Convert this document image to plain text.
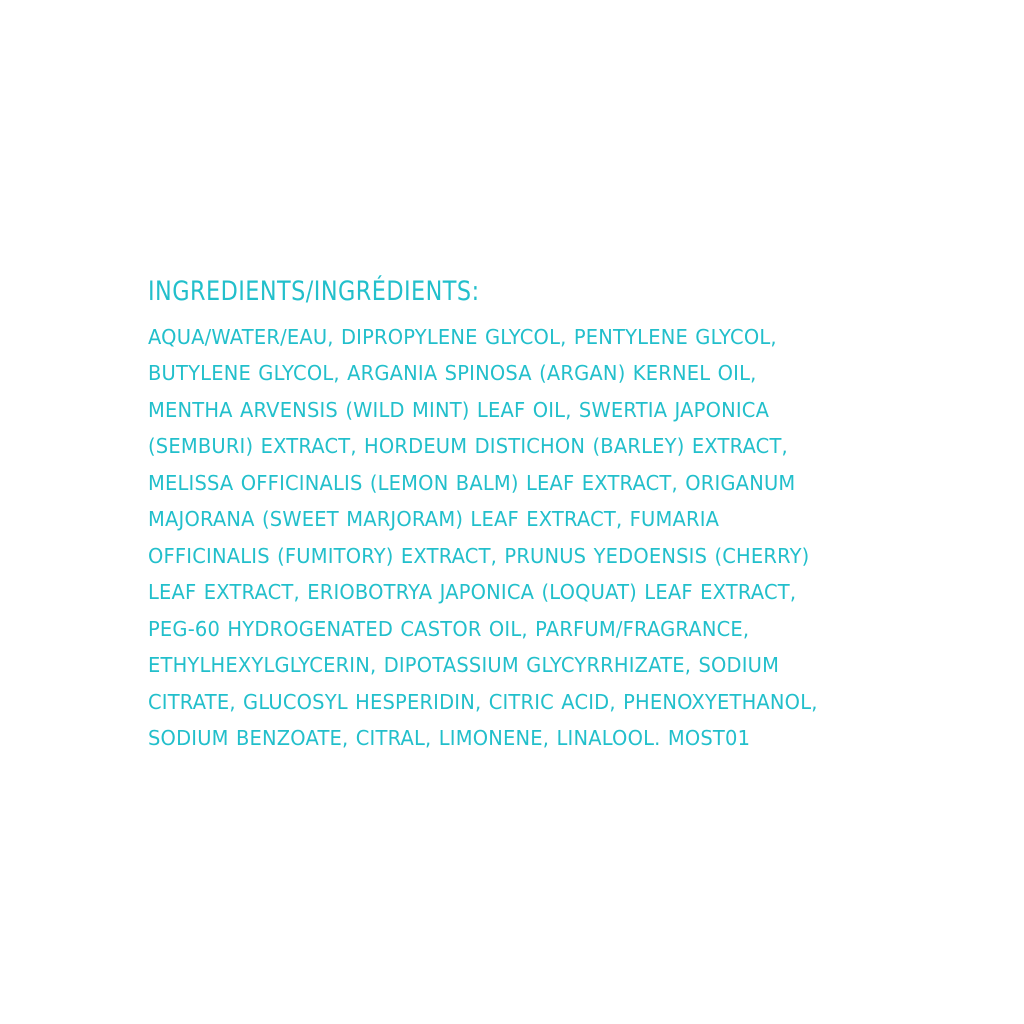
INGREDIENTS/INGRÉDIENTS:

AQUA/WATER/EAU, DIPROPYLENE GLYCOL, PENTYLENE GLYCOL, BUTYLENE GLYCOL, ARGANIA SPINOSA (ARGAN) KERNEL OIL, MENTHA ARVENSIS (WILD MINT) LEAF OIL, SWERTIA JAPONICA (SEMBURI) EXTRACT, HORDEUM DISTICHON (BARLEY) EXTRACT, MELISSA OFFICINALIS (LEMON BALM) LEAF EXTRACT, ORIGANUM MAJORANA (SWEET MARJORAM) LEAF EXTRACT, FUMARIA OFFICINALIS (FUMITORY) EXTRACT, PRUNUS YEDOENSIS (CHERRY) LEAF EXTRACT, ERIOBOTRYA JAPONICA (LOQUAT) LEAF EXTRACT, PEG-60 HYDROGENATED CASTOR OIL, PARFUM/FRAGRANCE, ETHYLHEXYLGLYCERIN, DIPOTASSIUM GLYCYRRHIZATE, SODIUM CITRATE, GLUCOSYL HESPERIDIN, CITRIC ACID, PHENOXYETHANOL, SODIUM BENZOATE, CITRAL, LIMONENE, LINALOOL. MOST01
